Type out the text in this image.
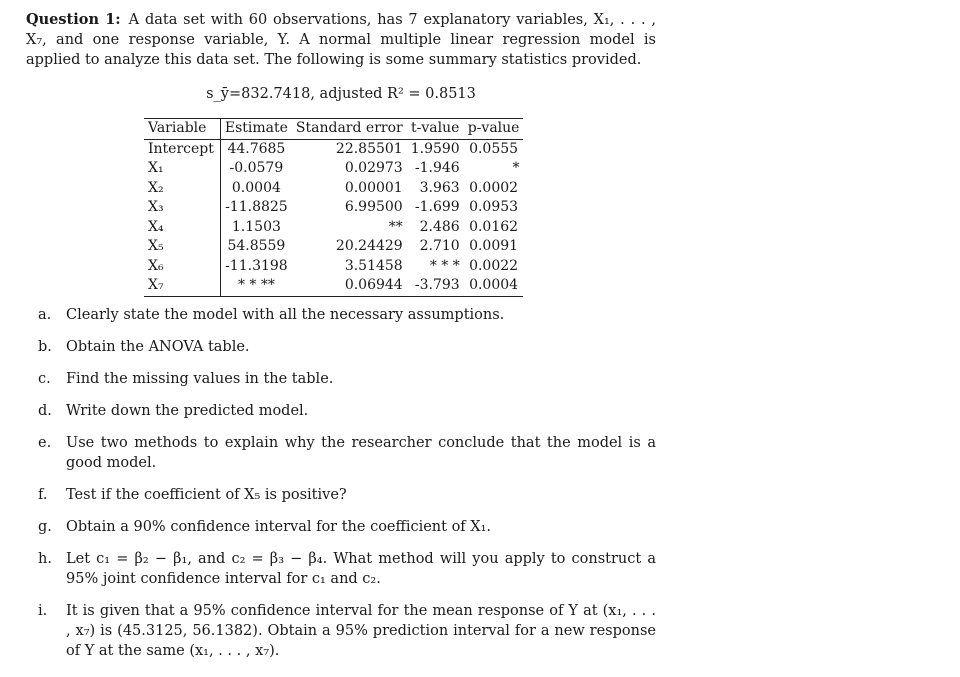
Question 1: A data set with 60 observations, has 7 explanatory variables, X₁, . . . , X₇, and one response variable, Y. A normal multiple linear regression model is applied to analyze this data set. The following is some summary statistics provided.

s_ȳ=832.7418, adjusted R² = 0.8513
Variable	Estimate	Standard error	t-value	p-value
Intercept	44.7685	22.85501	1.9590	0.0555
X₁	-0.0579	0.02973	-1.946	*
X₂	0.0004	0.00001	3.963	0.0002
X₃	-11.8825	6.99500	-1.699	0.0953
X₄	1.1503	**	2.486	0.0162
X₅	54.8559	20.24429	2.710	0.0091
X₆	-11.3198	3.51458	* * *	0.0022
X₇	* * **	0.06944	-3.793	0.0004
a. Clearly state the model with all the necessary assumptions.
b. Obtain the ANOVA table.
c. Find the missing values in the table.
d. Write down the predicted model.
e. Use two methods to explain why the researcher conclude that the model is a good model.
f. Test if the coefficient of X₅ is positive?
g. Obtain a 90% confidence interval for the coefficient of X₁.
h. Let c₁ = β₂ − β₁, and c₂ = β₃ − β₄. What method will you apply to construct a 95% joint confidence interval for c₁ and c₂.
i. It is given that a 95% confidence interval for the mean response of Y at (x₁, . . . , x₇) is (45.3125, 56.1382). Obtain a 95% prediction interval for a new response of Y at the same (x₁, . . . , x₇).
